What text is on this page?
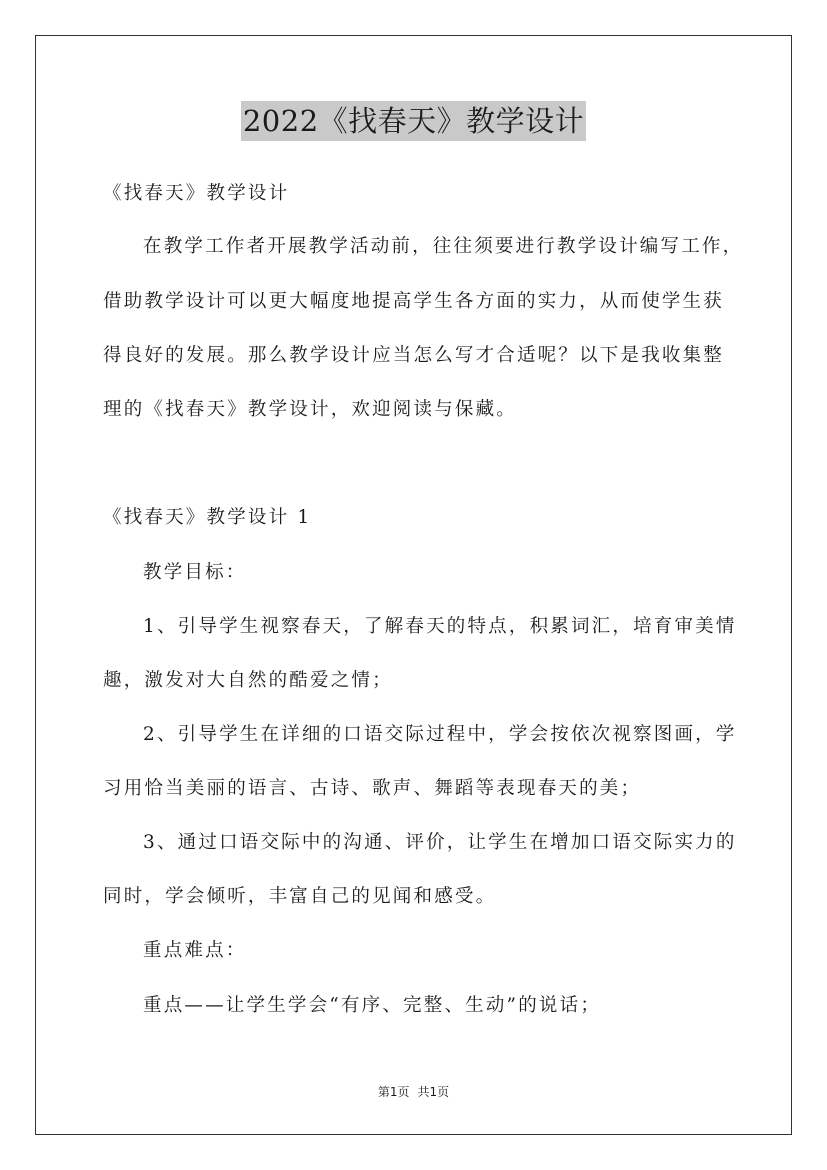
2022《找春天》教学设计
《找春天》教学设计
在教学工作者开展教学活动前，往往须要进行教学设计编写工作，
借助教学设计可以更大幅度地提高学生各方面的实力，从而使学生获
得良好的发展。那么教学设计应当怎么写才合适呢？以下是我收集整
理的《找春天》教学设计，欢迎阅读与保藏。
《找春天》教学设计 1
教学目标：
1、引导学生视察春天，了解春天的特点，积累词汇，培育审美情
趣，激发对大自然的酷爱之情；
2、引导学生在详细的口语交际过程中，学会按依次视察图画，学
习用恰当美丽的语言、古诗、歌声、舞蹈等表现春天的美；
3、通过口语交际中的沟通、评价，让学生在增加口语交际实力的
同时，学会倾听，丰富自己的见闻和感受。
重点难点：
重点——让学生学会“有序、完整、生动”的说话；
第1页 共1页
